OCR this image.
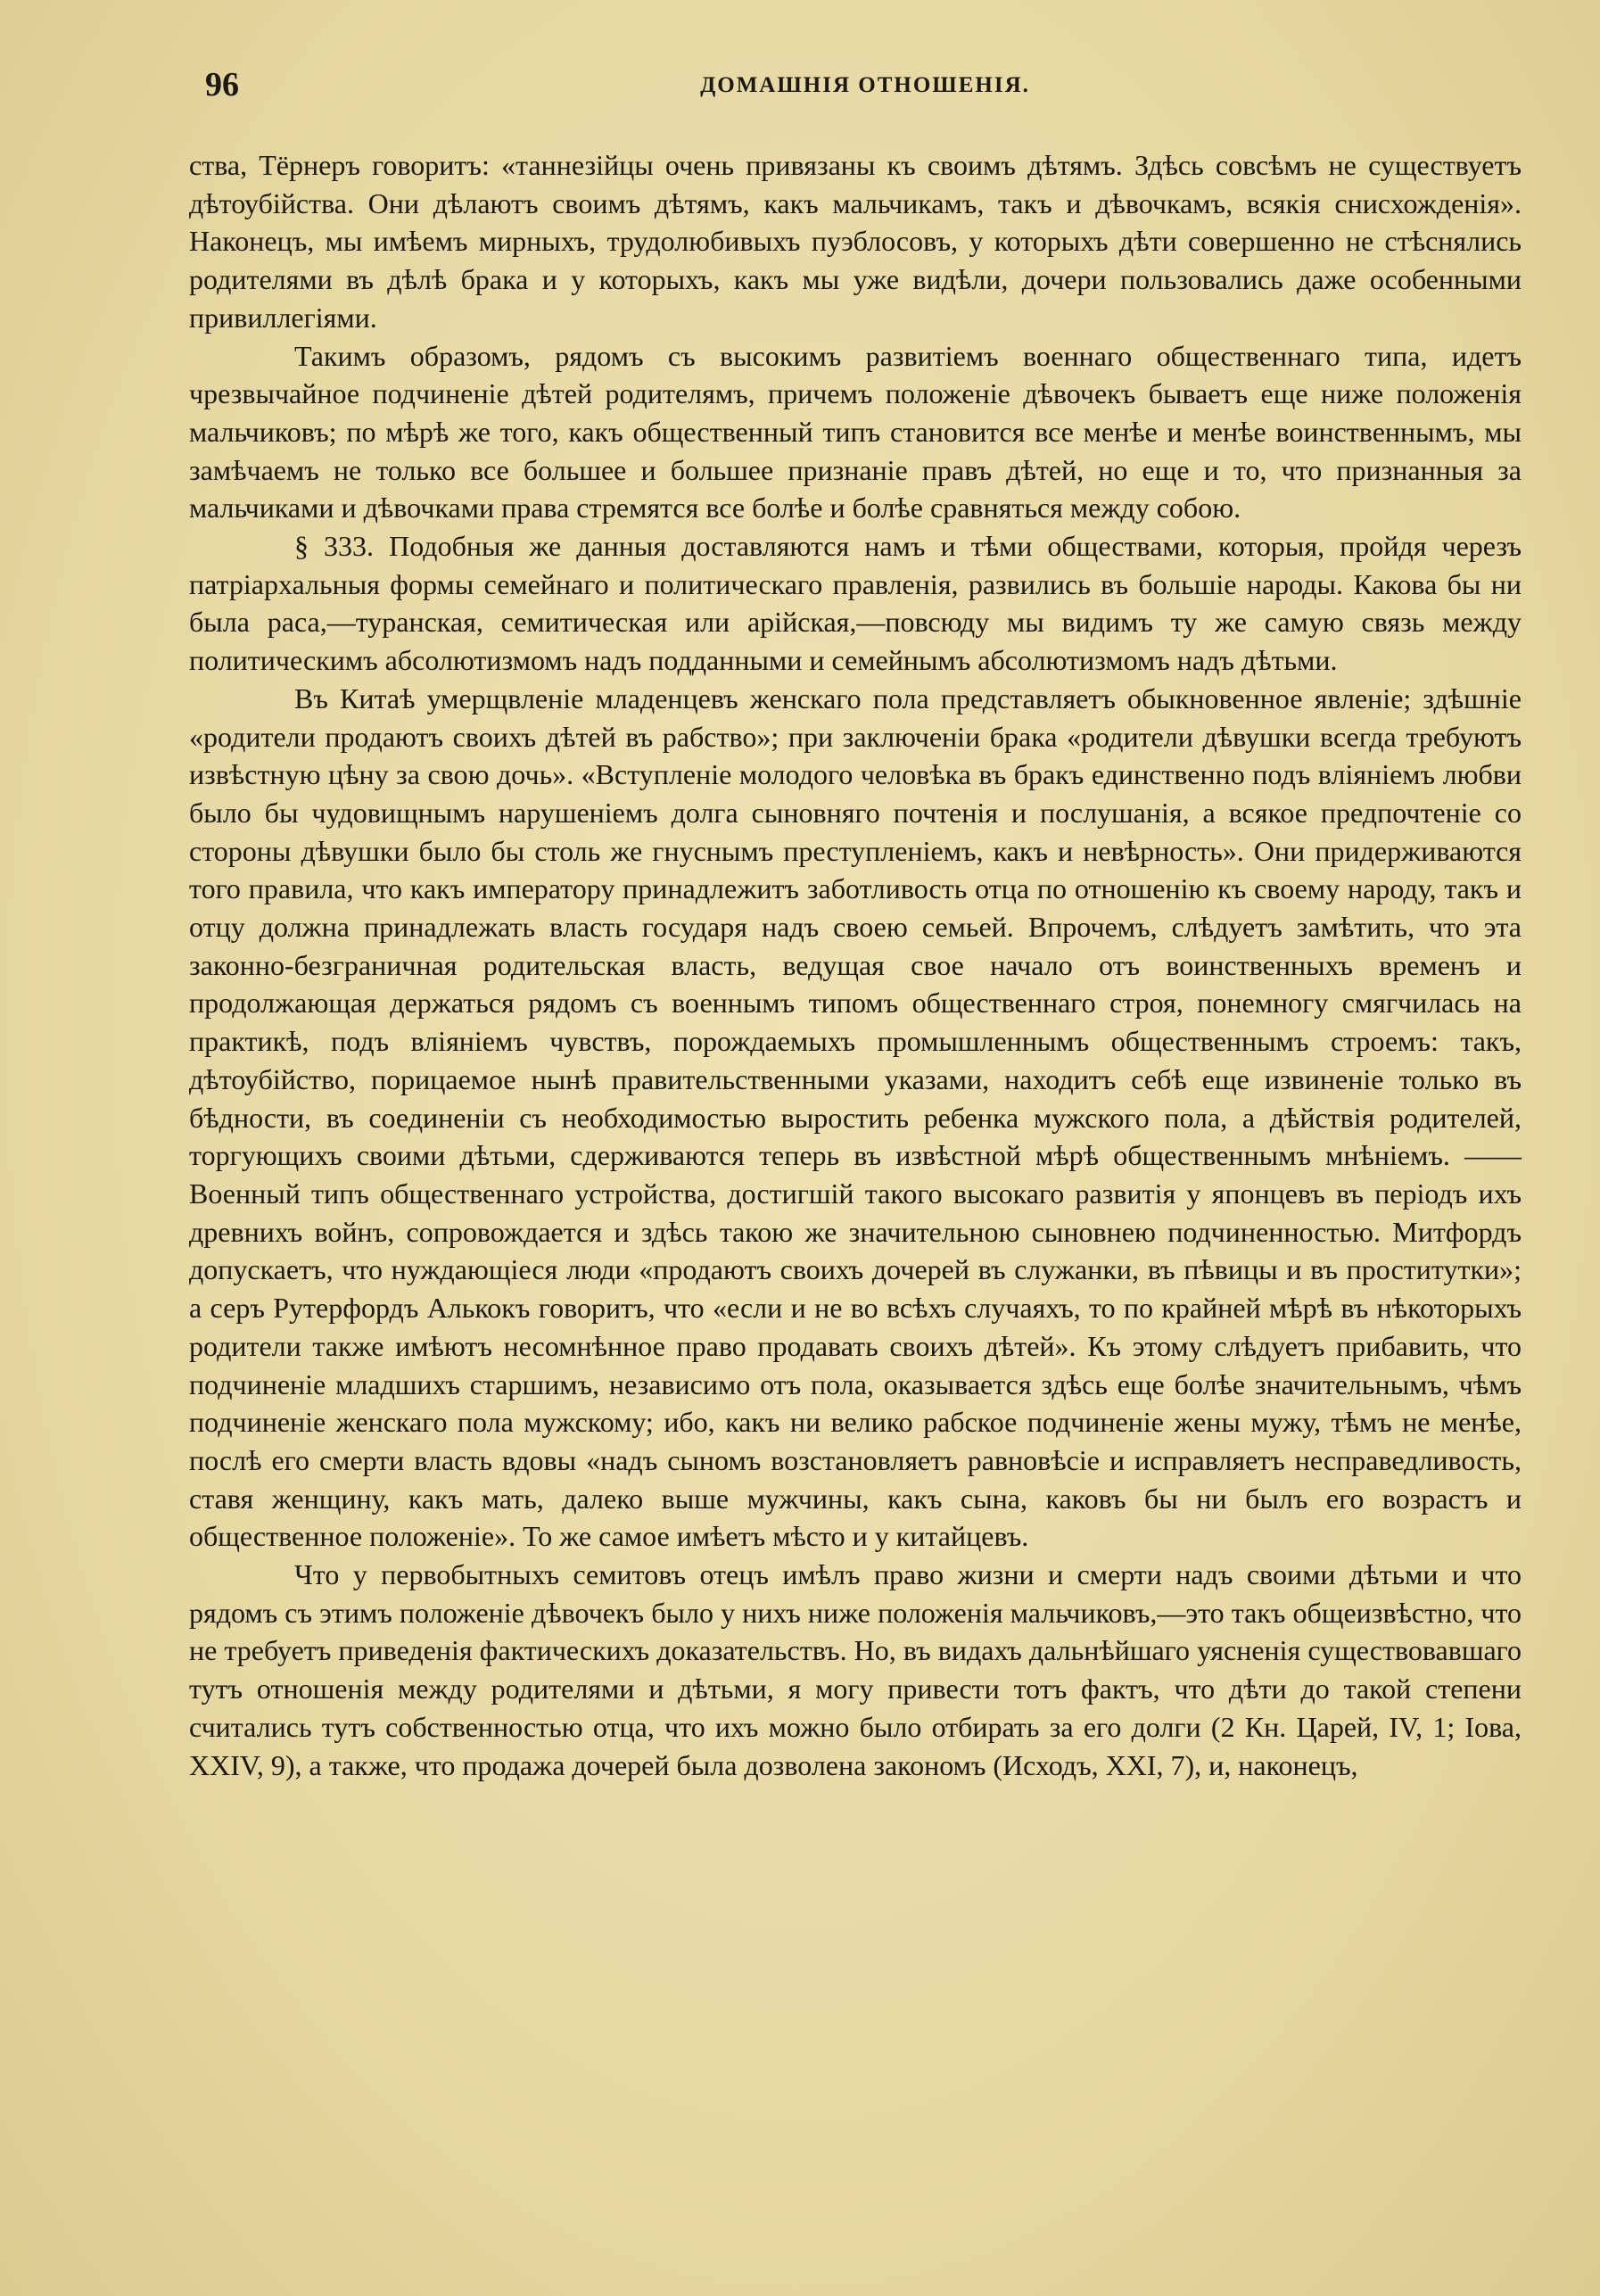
96	ДОМАШНІЯ ОТНОШЕНІЯ.

ства, Тёрнеръ говоритъ: «таннезійцы очень привязаны къ своимъ дѣтямъ. Здѣсь совсѣмъ не существуетъ дѣтоубійства. Они дѣлаютъ своимъ дѣтямъ, какъ мальчикамъ, такъ и дѣвочкамъ, всякія снисхожденія». Наконецъ, мы имѣемъ мирныхъ, трудолюбивыхъ пуэблосовъ, у которыхъ дѣти совершенно не стѣснялись родителями въ дѣлѣ брака и у которыхъ, какъ мы уже видѣли, дочери пользовались даже особенными привиллегіями.

Такимъ образомъ, рядомъ съ высокимъ развитіемъ военнаго общественнаго типа, идетъ чрезвычайное подчиненіе дѣтей родителямъ, причемъ положеніе дѣвочекъ бываетъ еще ниже положенія мальчиковъ; по мѣрѣ же того, какъ общественный типъ становится все менѣе и менѣе воинственнымъ, мы замѣчаемъ не только все большее и большее признаніе правъ дѣтей, но еще и то, что признанныя за мальчиками и дѣвочками права стремятся все болѣе и болѣе сравняться между собою.

§ 333. Подобныя же данныя доставляются намъ и тѣми обществами, которыя, пройдя черезъ патріархальныя формы семейнаго и политическаго правленія, развились въ большіе народы. Какова бы ни была раса,—туранская, семитическая или арійская,—повсюду мы видимъ ту же самую связь между политическимъ абсолютизмомъ надъ подданными и семейнымъ абсолютизмомъ надъ дѣтьми.

Въ Китаѣ умерщвленіе младенцевъ женскаго пола представляетъ обыкновенное явленіе; здѣшніе «родители продаютъ своихъ дѣтей въ рабство»; при заключеніи брака «родители дѣвушки всегда требуютъ извѣстную цѣну за свою дочь». «Вступленіе молодого человѣка въ бракъ единственно подъ вліяніемъ любви было бы чудовищнымъ нарушеніемъ долга сыновняго почтенія и послушанія, а всякое предпочтеніе со стороны дѣвушки было бы столь же гнуснымъ преступленіемъ, какъ и невѣрность». Они придерживаются того правила, что какъ императору принадлежитъ заботливость отца по отношенію къ своему народу, такъ и отцу должна принадлежать власть государя надъ своею семьей. Впрочемъ, слѣдуетъ замѣтить, что эта законно-безграничная родительская власть, ведущая свое начало отъ воинственныхъ временъ и продолжающая держаться рядомъ съ военнымъ типомъ общественнаго строя, понемногу смягчилась на практикѣ, подъ вліяніемъ чувствъ, порождаемыхъ промышленнымъ общественнымъ строемъ: такъ, дѣтоубійство, порицаемое нынѣ правительственными указами, находитъ себѣ еще извиненіе только въ бѣдности, въ соединеніи съ необходимостью выростить ребенка мужского пола, а дѣйствія родителей, торгующихъ своими дѣтьми, сдерживаются теперь въ извѣстной мѣрѣ общественнымъ мнѣніемъ. ——Военный типъ общественнаго устройства, достигшій такого высокаго развитія у японцевъ въ періодъ ихъ древнихъ войнъ, сопровождается и здѣсь такою же значительною сыновнею подчиненностью. Митфордъ допускаетъ, что нуждающіеся люди «продаютъ своихъ дочерей въ служанки, въ пѣвицы и въ проститутки»; а серъ Рутерфордъ Алькокъ говоритъ, что «если и не во всѣхъ случаяхъ, то по крайней мѣрѣ въ нѣкоторыхъ родители также имѣютъ несомнѣнное право продавать своихъ дѣтей». Къ этому слѣдуетъ прибавить, что подчиненіе младшихъ старшимъ, независимо отъ пола, оказывается здѣсь еще болѣе значительнымъ, чѣмъ подчиненіе женскаго пола мужскому; ибо, какъ ни велико рабское подчиненіе жены мужу, тѣмъ не менѣе, послѣ его смерти власть вдовы «надъ сыномъ возстановляетъ равновѣсіе и исправляетъ несправедливость, ставя женщину, какъ мать, далеко выше мужчины, какъ сына, каковъ бы ни былъ его возрастъ и общественное положеніе». То же самое имѣетъ мѣсто и у китайцевъ.

Что у первобытныхъ семитовъ отецъ имѣлъ право жизни и смерти надъ своими дѣтьми и что рядомъ съ этимъ положеніе дѣвочекъ было у нихъ ниже положенія мальчиковъ,—это такъ общеизвѣстно, что не требуетъ приведенія фактическихъ доказательствъ. Но, въ видахъ дальнѣйшаго уясненія существовавшаго тутъ отношенія между родителями и дѣтьми, я могу привести тотъ фактъ, что дѣти до такой степени считались тутъ собственностью отца, что ихъ можно было отбирать за его долги (2 Кн. Царей, IV, 1; Іова, XXIV, 9), а также, что продажа дочерей была дозволена закономъ (Исходъ, XXI, 7), и, наконецъ,
